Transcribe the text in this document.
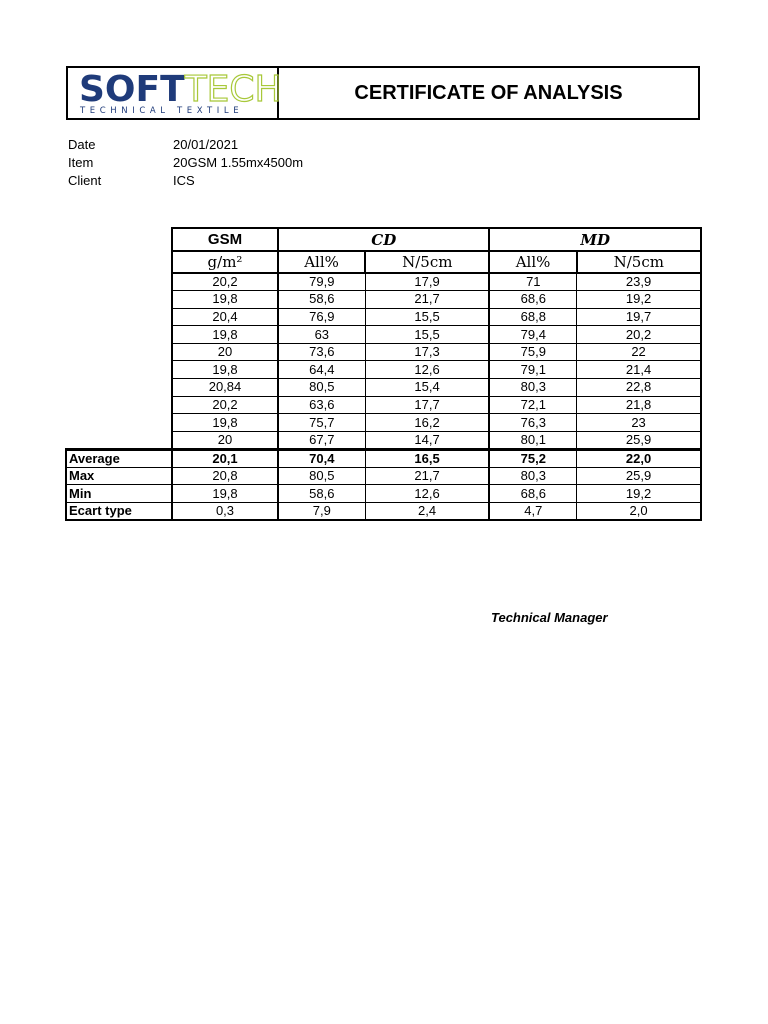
SOFTTECH
TECHNICAL TEXTILE
CERTIFICATE OF ANALYSIS
Date	20/01/2021
Item	20GSM 1.55mx4500m
Client	ICS
	GSM	CD		MD	
	g/m²	All%	N/5cm	All%	N/5cm
	20,2	79,9	17,9	71	23,9
	19,8	58,6	21,7	68,6	19,2
	20,4	76,9	15,5	68,8	19,7
	19,8	63	15,5	79,4	20,2
	20	73,6	17,3	75,9	22
	19,8	64,4	12,6	79,1	21,4
	20,84	80,5	15,4	80,3	22,8
	20,2	63,6	17,7	72,1	21,8
	19,8	75,7	16,2	76,3	23
	20	67,7	14,7	80,1	25,9
Average	20,1	70,4	16,5	75,2	22,0
Max	20,8	80,5	21,7	80,3	25,9
Min	19,8	58,6	12,6	68,6	19,2
Ecart type	0,3	7,9	2,4	4,7	2,0
Technical Manager
